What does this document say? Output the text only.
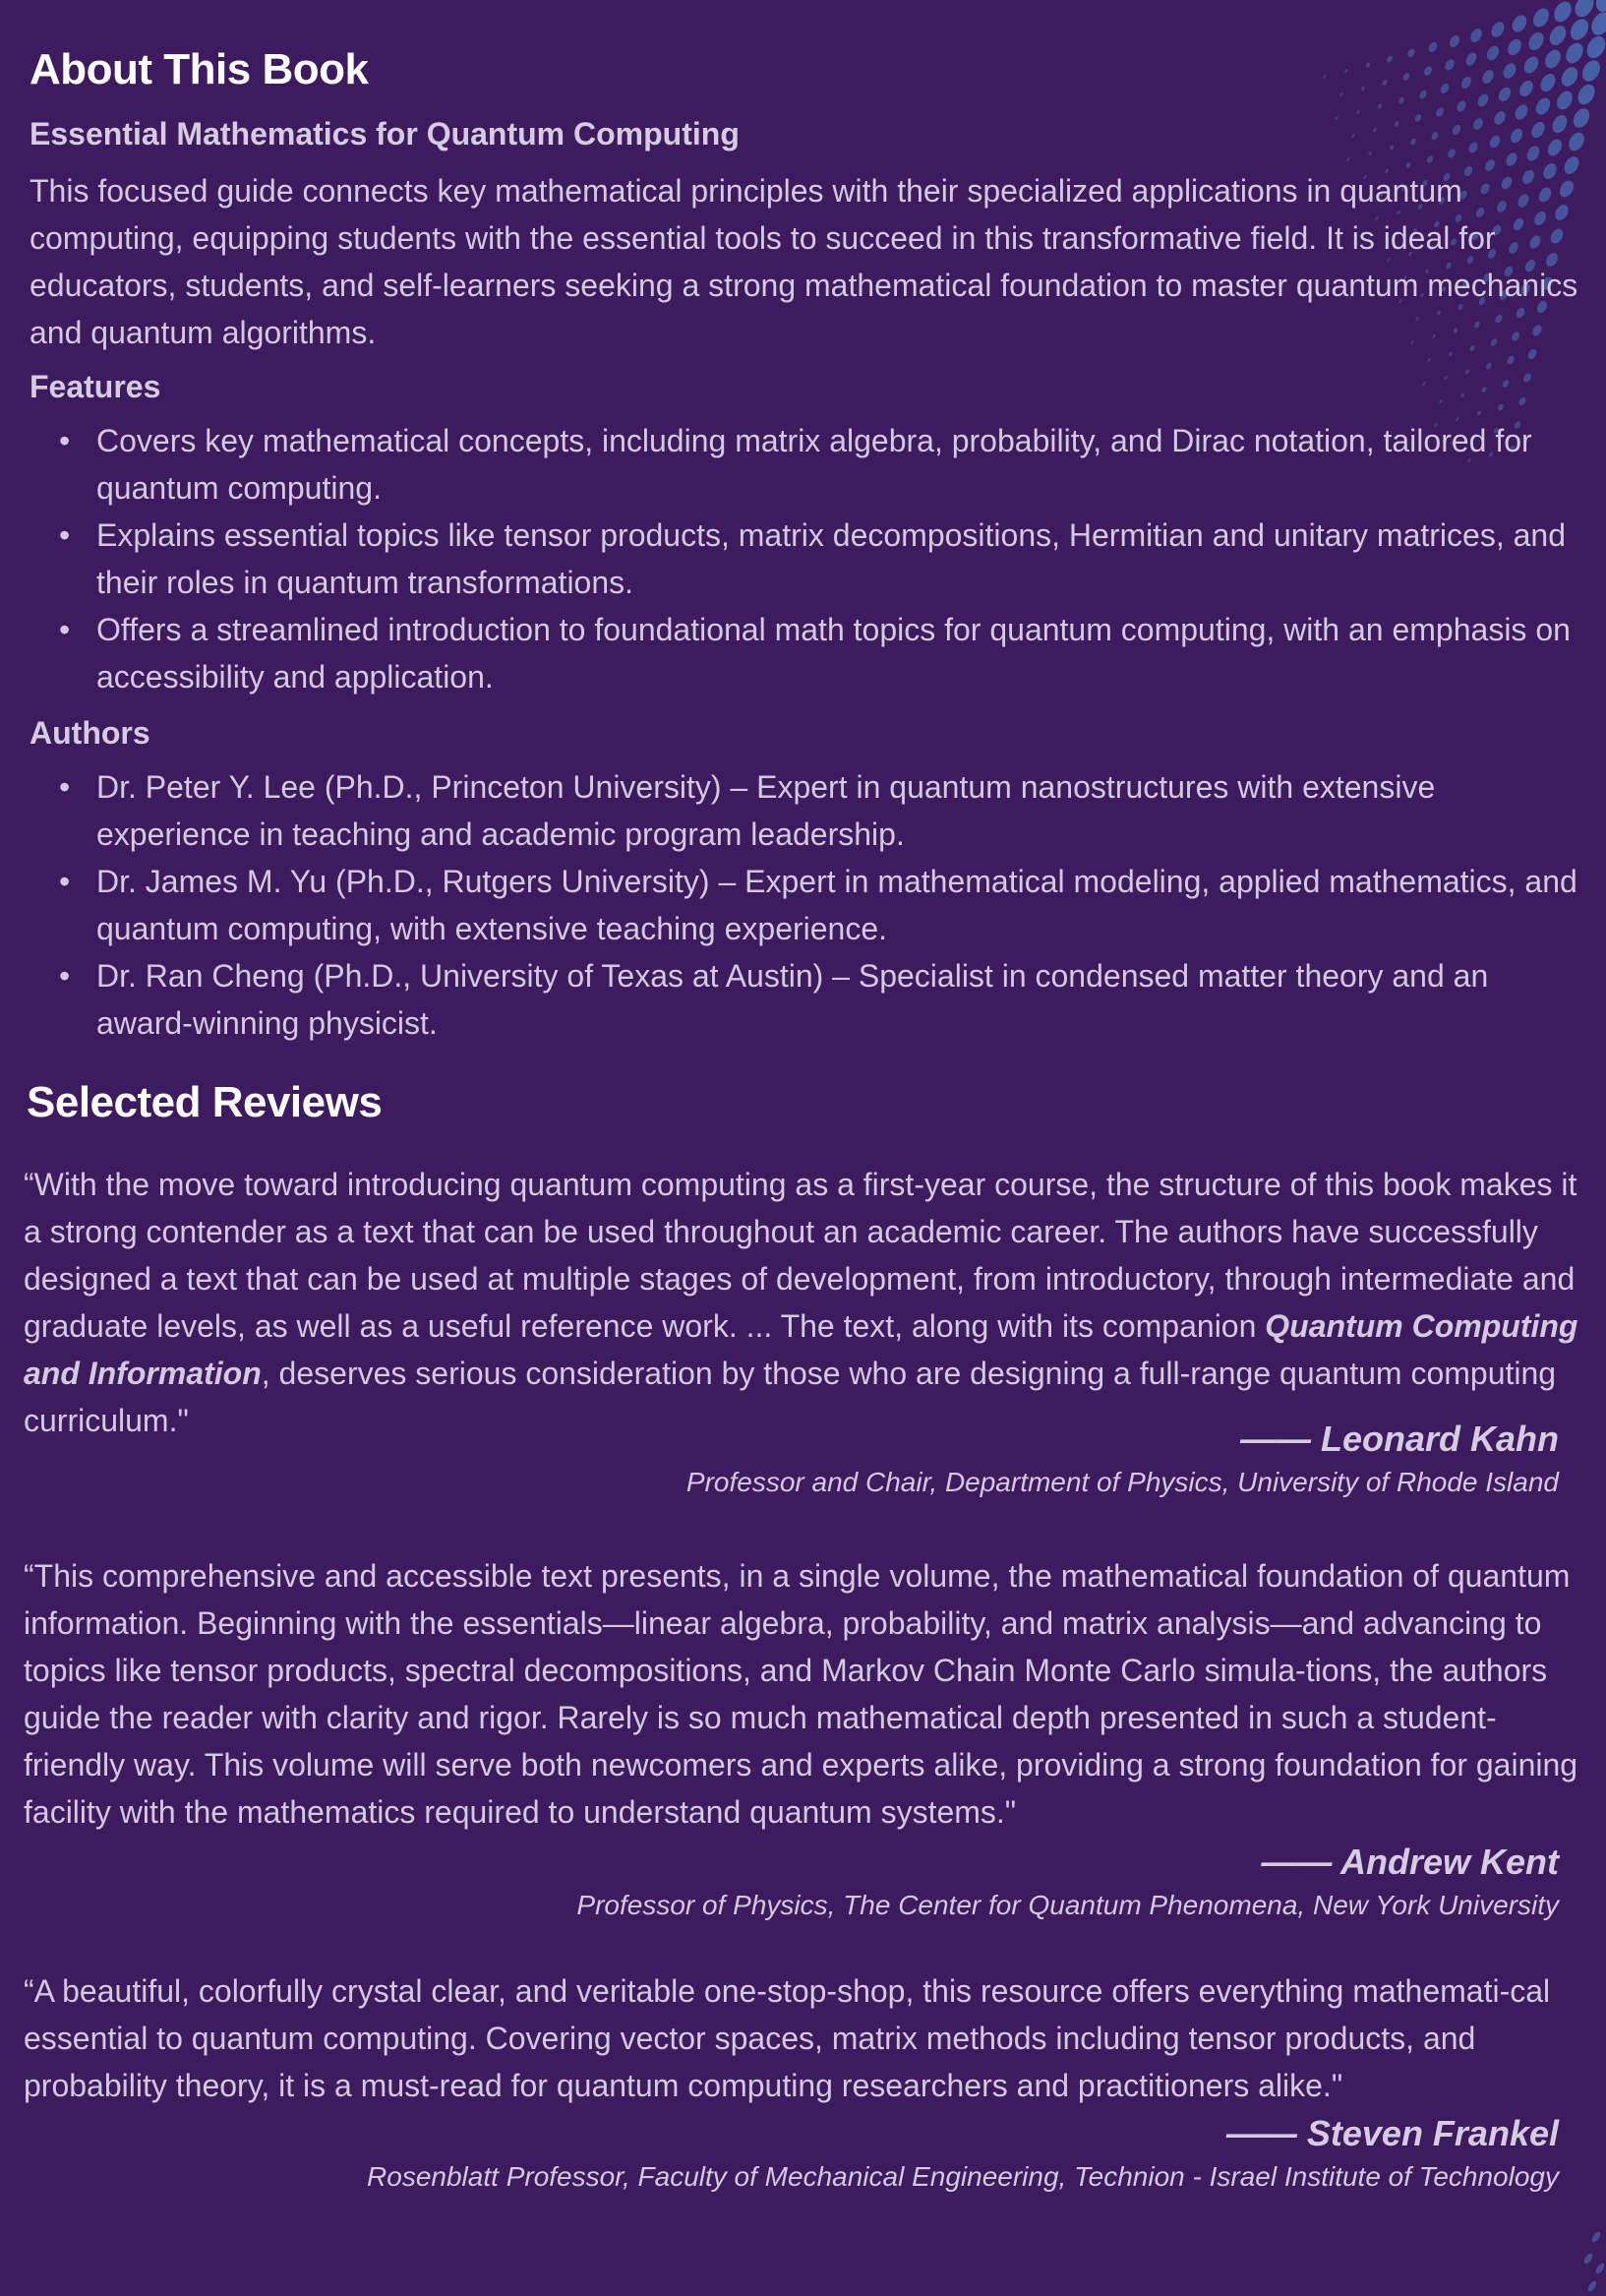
About This Book
Essential Mathematics for Quantum Computing

This focused guide connects key mathematical principles with their specialized applications in quantum computing, equipping students with the essential tools to succeed in this transformative field. It is ideal for educators, students, and self-learners seeking a strong mathematical foundation to master quantum mechanics and quantum algorithms.

Features
• Covers key mathematical concepts, including matrix algebra, probability, and Dirac notation, tailored for quantum computing.
• Explains essential topics like tensor products, matrix decompositions, Hermitian and unitary matrices, and their roles in quantum transformations.
• Offers a streamlined introduction to foundational math topics for quantum computing, with an emphasis on accessibility and application.
Authors
• Dr. Peter Y. Lee (Ph.D., Princeton University) – Expert in quantum nanostructures with extensive experience in teaching and academic program leadership.
• Dr. James M. Yu (Ph.D., Rutgers University) – Expert in mathematical modeling, applied mathematics, and quantum computing, with extensive teaching experience.
• Dr. Ran Cheng (Ph.D., University of Texas at Austin) – Specialist in condensed matter theory and an award-winning physicist.
Selected Reviews

“With the move toward introducing quantum computing as a first-year course, the structure of this book makes it a strong contender as a text that can be used throughout an academic career. The authors have successfully designed a text that can be used at multiple stages of development, from introductory, through intermediate and graduate levels, as well as a useful reference work. ... The text, along with its companion Quantum Computing and Information, deserves serious consideration by those who are designing a full-range quantum computing curriculum."	—— Leonard Kahn

Professor and Chair, Department of Physics, University of Rhode Island

“This comprehensive and accessible text presents, in a single volume, the mathematical foundation of quantum information. Beginning with the essentials—linear algebra, probability, and matrix analysis—and advancing to topics like tensor products, spectral decompositions, and Markov Chain Monte Carlo simula-tions, the authors guide the reader with clarity and rigor. Rarely is so much mathematical depth presented in such a student-friendly way. This volume will serve both newcomers and experts alike, providing a strong foundation for gaining facility with the mathematics required to understand quantum systems."

—— Andrew Kent

Professor of Physics, The Center for Quantum Phenomena, New York University

“A beautiful, colorfully crystal clear, and veritable one-stop-shop, this resource offers everything mathemati-cal essential to quantum computing. Covering vector spaces, matrix methods including tensor products, and probability theory, it is a must-read for quantum computing researchers and practitioners alike."

—— Steven Frankel

Rosenblatt Professor, Faculty of Mechanical Engineering, Technion - Israel Institute of Technology
